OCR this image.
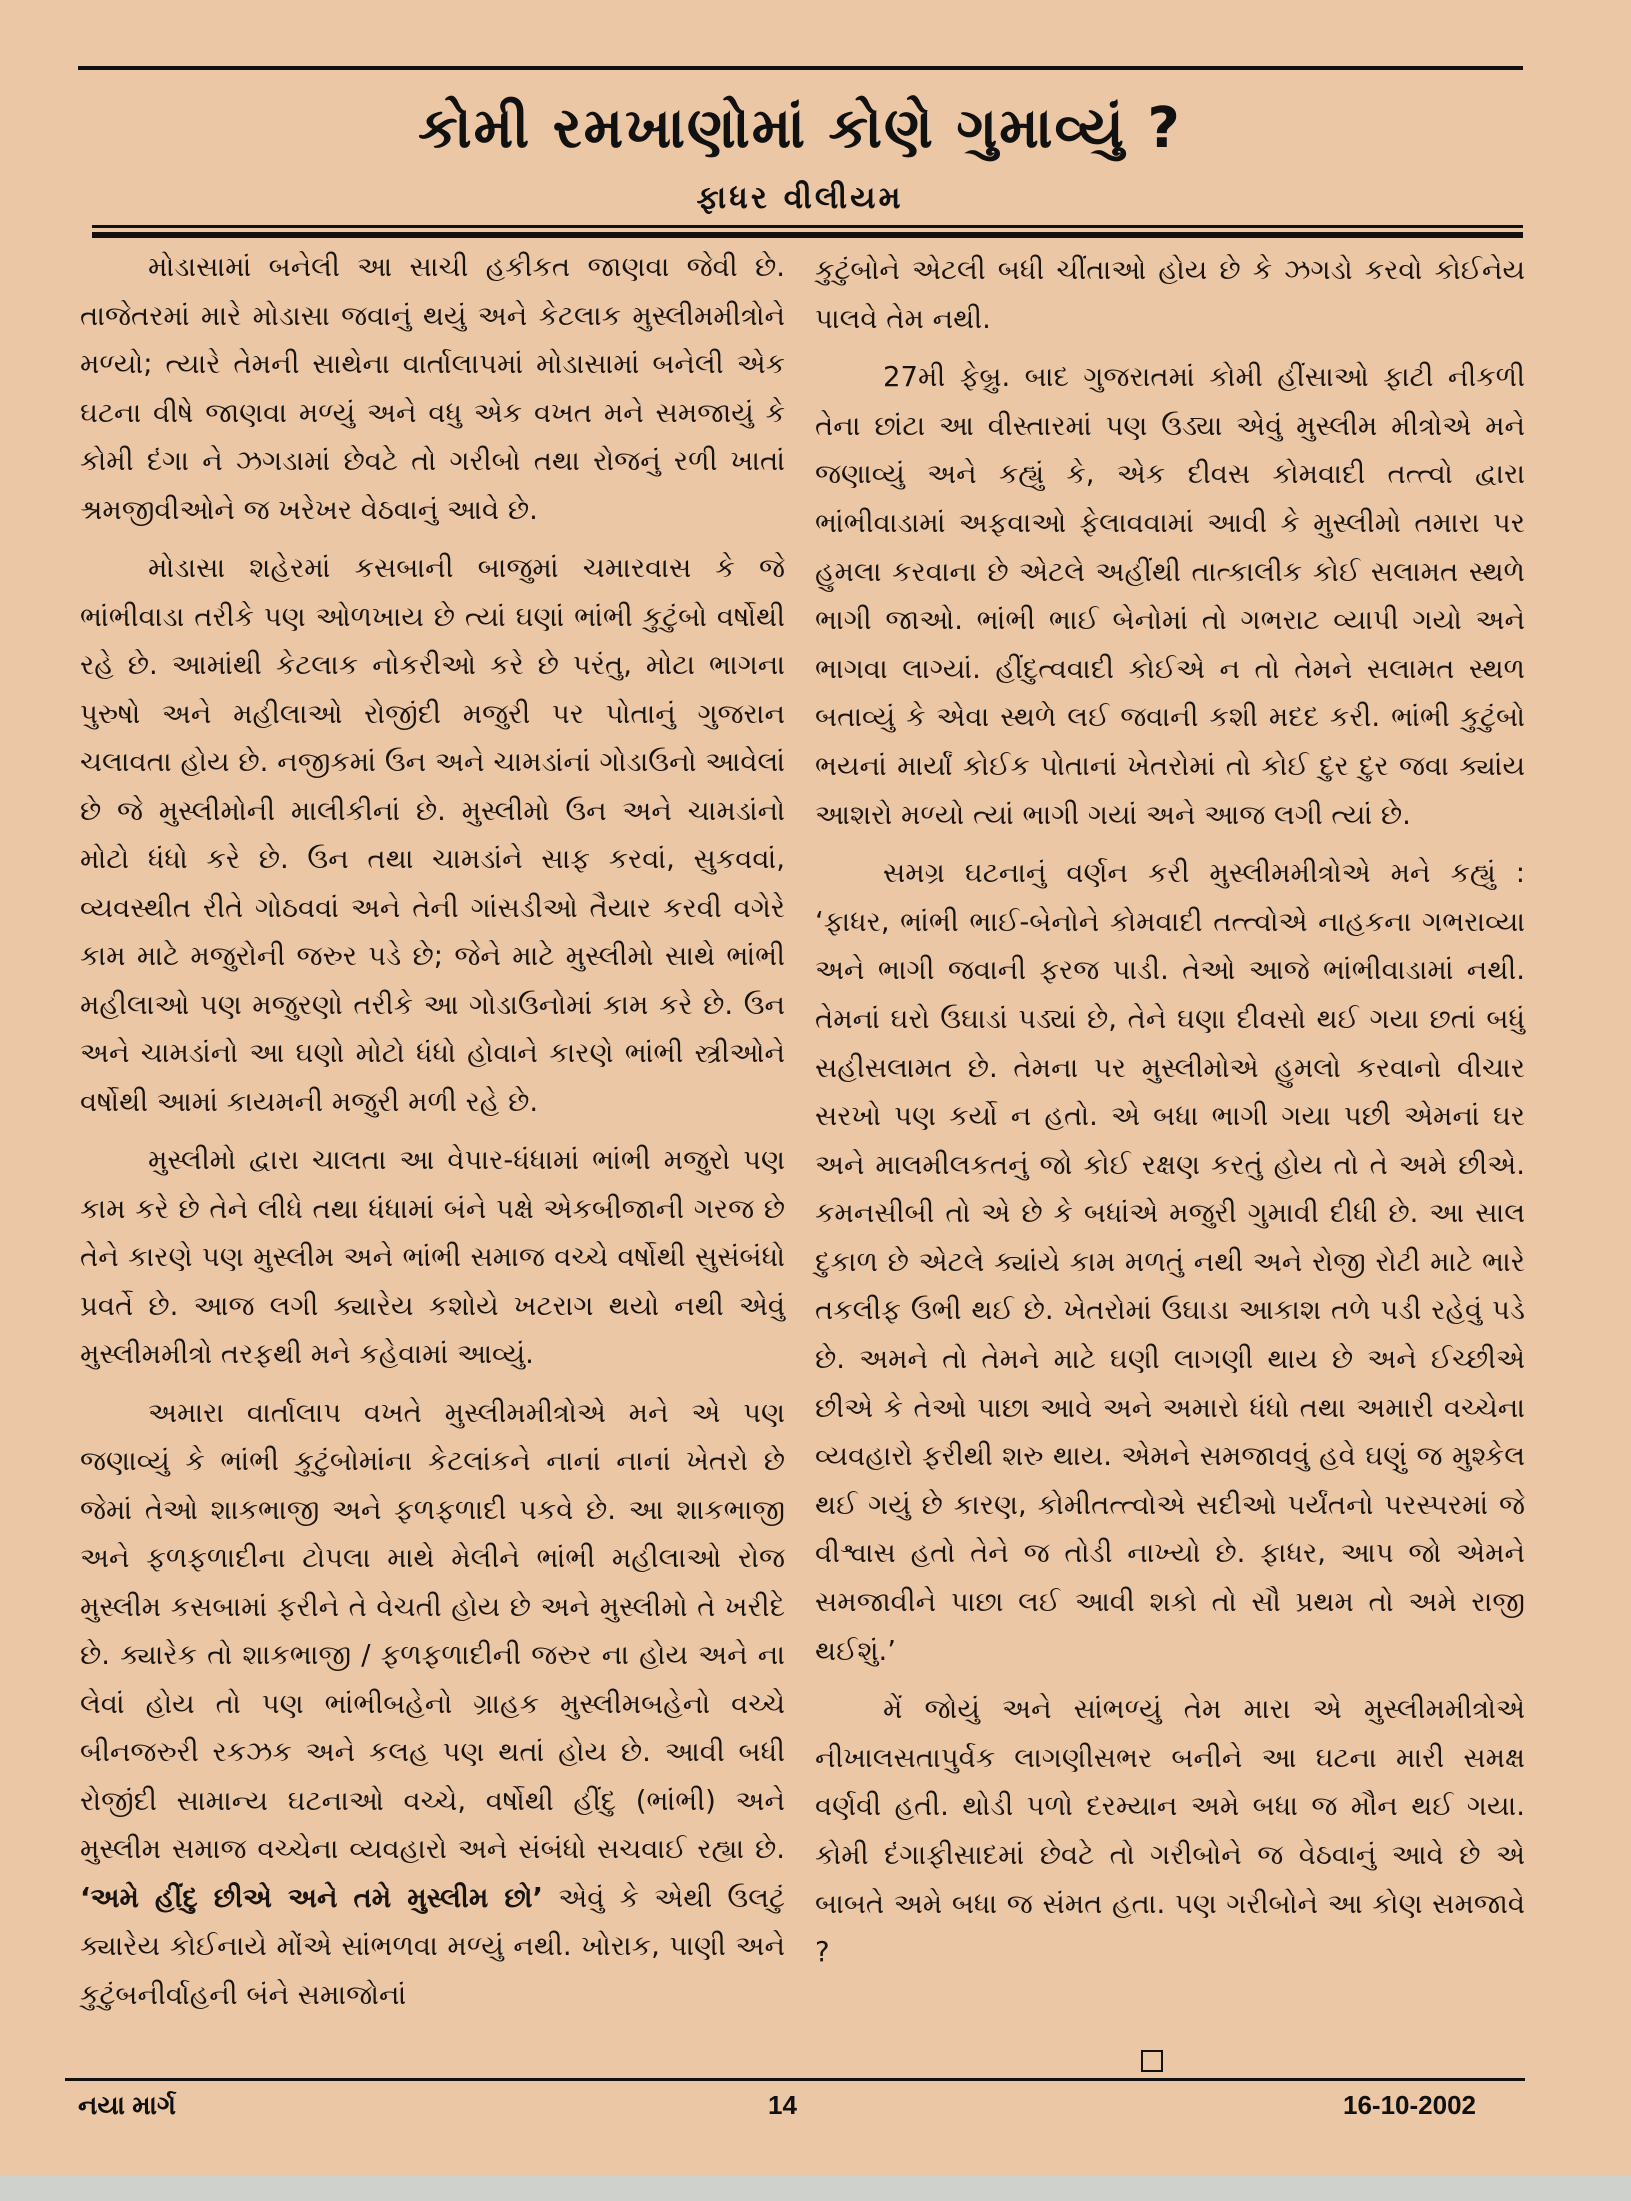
કોમી રમખાણોમાં કોણે ગુમાવ્યું ?
ફાધર વીલીયમ

મોડાસામાં બનેલી આ સાચી હકીકત જાણવા જેવી છે. તાજેતરમાં મારે મોડાસા જવાનું થયું અને કેટલાક મુસ્લીમમીત્રોને મળ્યો; ત્યારે તેમની સાથેના વાર્તાલાપમાં મોડાસામાં બનેલી એક ઘટના વીષે જાણવા મળ્યું અને વધુ એક વખત મને સમજાયું કે કોમી દંગા ને ઝગડામાં છેવટે તો ગરીબો તથા રોજનું રળી ખાતાં શ્રમજીવીઓને જ ખરેખર વેઠવાનું આવે છે.

મોડાસા શહેરમાં કસબાની બાજુમાં ચમારવાસ કે જે ભાંભીવાડા તરીકે પણ ઓળખાય છે ત્યાં ઘણાં ભાંભી કુટુંબો વર્ષોથી રહે છે. આમાંથી કેટલાક નોકરીઓ કરે છે પરંતુ, મોટા ભાગના પુરુષો અને મહીલાઓ રોજીંદી મજુરી પર પોતાનું ગુજરાન ચલાવતા હોય છે. નજીકમાં ઉન અને ચામડાંનાં ગોડાઉનો આવેલાં છે જે મુસ્લીમોની માલીકીનાં છે. મુસ્લીમો ઉન અને ચામડાંનો મોટો ધંધો કરે છે. ઉન તથા ચામડાંને સાફ કરવાં, સુકવવાં, વ્યવસ્થીત રીતે ગોઠવવાં અને તેની ગાંસડીઓ તૈયાર કરવી વગેરે કામ માટે મજુરોની જરુર પડે છે; જેને માટે મુસ્લીમો સાથે ભાંભી મહીલાઓ પણ મજુરણો તરીકે આ ગોડાઉનોમાં કામ કરે છે. ઉન અને ચામડાંનો આ ઘણો મોટો ધંધો હોવાને કારણે ભાંભી સ્ત્રીઓને વર્ષોથી આમાં કાયમની મજુરી મળી રહે છે.

મુસ્લીમો દ્વારા ચાલતા આ વેપાર-ધંધામાં ભાંભી મજુરો પણ કામ કરે છે તેને લીધે તથા ધંધામાં બંને પક્ષે એકબીજાની ગરજ છે તેને કારણે પણ મુસ્લીમ અને ભાંભી સમાજ વચ્ચે વર્ષોથી સુસંબંધો પ્રવર્તે છે. આજ લગી ક્યારેય કશોયે ખટરાગ થયો નથી એવું મુસ્લીમમીત્રો તરફથી મને કહેવામાં આવ્યું.

અમારા વાર્તાલાપ વખતે મુસ્લીમમીત્રોએ મને એ પણ જણાવ્યું કે ભાંભી કુટુંબોમાંના કેટલાંકને નાનાં નાનાં ખેતરો છે જેમાં તેઓ શાકભાજી અને ફળફળાદી પકવે છે. આ શાકભાજી અને ફળફળાદીના ટોપલા માથે મેલીને ભાંભી મહીલાઓ રોજ મુસ્લીમ કસબામાં ફરીને તે વેચતી હોય છે અને મુસ્લીમો તે ખરીદે છે. ક્યારેક તો શાકભાજી / ફળફળાદીની જરુર ના હોય અને ના લેવાં હોય તો પણ ભાંભીબહેનો ગ્રાહક મુસ્લીમબહેનો વચ્ચે બીનજરુરી રકઝક અને કલહ પણ થતાં હોય છે. આવી બધી રોજીંદી સામાન્ય ઘટનાઓ વચ્ચે, વર્ષોથી હીંદુ (ભાંભી) અને મુસ્લીમ સમાજ વચ્ચેના વ્યવહારો અને સંબંધો સચવાઈ રહ્યા છે. ‘અમે હીંદુ છીએ અને તમે મુસ્લીમ છો’ એવું કે એથી ઉલટું ક્યારેય કોઈનાયે મોંએ સાંભળવા મળ્યું નથી. ખોરાક, પાણી અને કુટુંબનીર્વાહની બંને સમાજોનાં

કુટુંબોને એટલી બધી ચીંતાઓ હોય છે કે ઝગડો કરવો કોઈનેય પાલવે તેમ નથી.

27મી ફેબ્રુ. બાદ ગુજરાતમાં કોમી હીંસાઓ ફાટી નીકળી તેના છાંટા આ વીસ્તારમાં પણ ઉડ્યા એવું મુસ્લીમ મીત્રોએ મને જણાવ્યું અને કહ્યું કે, એક દીવસ કોમવાદી તત્ત્વો દ્વારા ભાંભીવાડામાં અફવાઓ ફેલાવવામાં આવી કે મુસ્લીમો તમારા પર હુમલા કરવાના છે એટલે અહીંથી તાત્કાલીક કોઈ સલામત સ્થળે ભાગી જાઓ. ભાંભી ભાઈ બેનોમાં તો ગભરાટ વ્યાપી ગયો અને ભાગવા લાગ્યાં. હીંદુત્વવાદી કોઈએ ન તો તેમને સલામત સ્થળ બતાવ્યું કે એવા સ્થળે લઈ જવાની કશી મદદ કરી. ભાંભી કુટુંબો ભયનાં માર્યાં કોઈક પોતાનાં ખેતરોમાં તો કોઈ દુર દુર જવા ક્યાંય આશરો મળ્યો ત્યાં ભાગી ગયાં અને આજ લગી ત્યાં છે.

સમગ્ર ઘટનાનું વર્ણન કરી મુસ્લીમમીત્રોએ મને કહ્યું : ‘ફાધર, ભાંભી ભાઈ-બેનોને કોમવાદી તત્ત્વોએ નાહકના ગભરાવ્યા અને ભાગી જવાની ફરજ પાડી. તેઓ આજે ભાંભીવાડામાં નથી. તેમનાં ઘરો ઉઘાડાં પડ્યાં છે, તેને ઘણા દીવસો થઈ ગયા છતાં બધું સહીસલામત છે. તેમના પર મુસ્લીમોએ હુમલો કરવાનો વીચાર સરખો પણ કર્યો ન હતો. એ બધા ભાગી ગયા પછી એમનાં ઘર અને માલમીલકતનું જો કોઈ રક્ષણ કરતું હોય તો તે અમે છીએ. કમનસીબી તો એ છે કે બધાંએ મજુરી ગુમાવી દીધી છે. આ સાલ દુકાળ છે એટલે ક્યાંયે કામ મળતું નથી અને રોજી રોટી માટે ભારે તકલીફ ઉભી થઈ છે. ખેતરોમાં ઉઘાડા આકાશ તળે પડી રહેવું પડે છે. અમને તો તેમને માટે ઘણી લાગણી થાય છે અને ઈચ્છીએ છીએ કે તેઓ પાછા આવે અને અમારો ધંધો તથા અમારી વચ્ચેના વ્યવહારો ફરીથી શરુ થાય. એમને સમજાવવું હવે ઘણું જ મુશ્કેલ થઈ ગયું છે કારણ, કોમીતત્ત્વોએ સદીઓ પર્યંતનો પરસ્પરમાં જે વીશ્વાસ હતો તેને જ તોડી નાખ્યો છે. ફાધર, આપ જો એમને સમજાવીને પાછા લઈ આવી શકો તો સૌ પ્રથમ તો અમે રાજી થઈશું.’

મેં જોયું અને સાંભળ્યું તેમ મારા એ મુસ્લીમમીત્રોએ નીખાલસતાપુર્વક લાગણીસભર બનીને આ ઘટના મારી સમક્ષ વર્ણવી હતી. થોડી પળો દરમ્યાન અમે બધા જ મૌન થઈ ગયા. કોમી દંગાફીસાદમાં છેવટે તો ગરીબોને જ વેઠવાનું આવે છે એ બાબતે અમે બધા જ સંમત હતા. પણ ગરીબોને આ કોણ સમજાવે ?

નયા માર્ગ	14	16-10-2002
